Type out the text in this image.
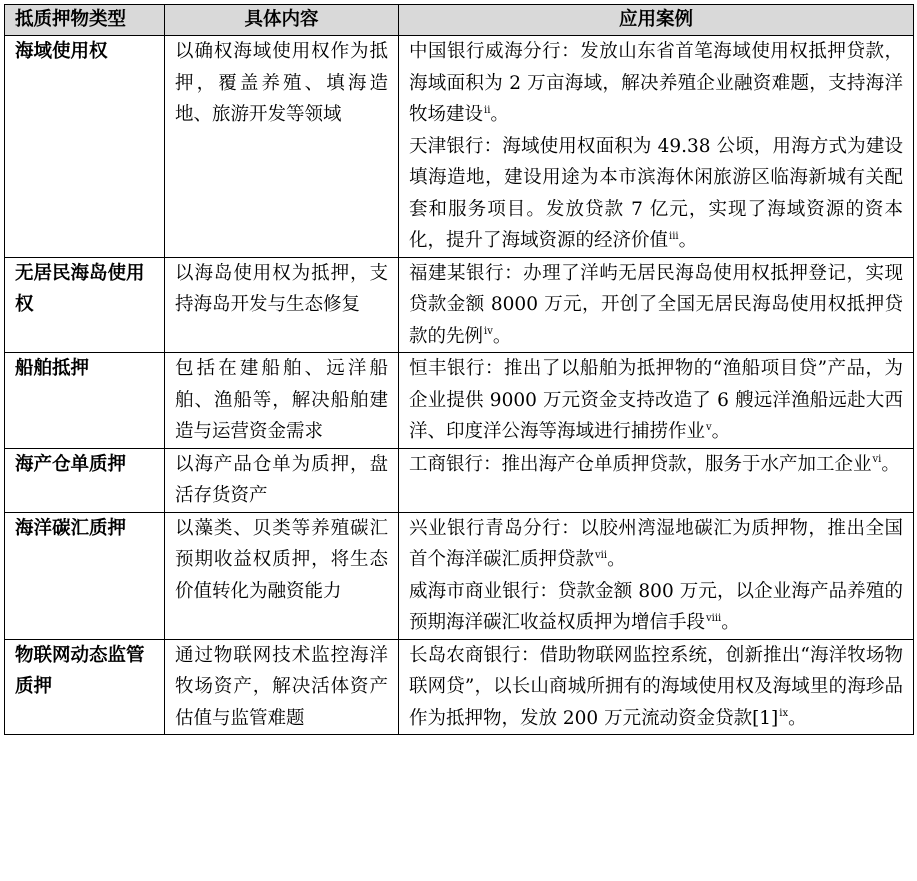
抵质押物类型	具体内容	应用案例
海域使用权	以确权海域使用权作为抵押，覆盖养殖、填海造地、旅游开发等领域	中国银行威海分行：发放山东省首笔海域使用权抵押贷款，海域面积为 2 万亩海域，解决养殖企业融资难题，支持海洋牧场建设$^{ii}$。
天津银行：海域使用权面积为 49.38 公顷，用海方式为建设填海造地，建设用途为本市滨海休闲旅游区临海新城有关配套和服务项目。发放贷款 7 亿元，实现了海域资源的资本化，提升了海域资源的经济价值$^{iii}$。

无居民海岛使用权	以海岛使用权为抵押，支持海岛开发与生态修复	福建某银行：办理了洋屿无居民海岛使用权抵押登记，实现贷款金额 8000 万元，开创了全国无居民海岛使用权抵押贷款的先例$^{iv}$。

船舶抵押	包括在建船舶、远洋船舶、渔船等，解决船舶建造与运营资金需求	恒丰银行：推出了以船舶为抵押物的“渔船项目贷”产品，为企业提供 9000 万元资金支持改造了 6 艘远洋渔船远赴大西洋、印度洋公海等海域进行捕捞作业$^v$。

海产仓单质押	以海产品仓单为质押，盘活存货资产	工商银行：推出海产仓单质押贷款，服务于水产加工企业$^{vi}$。

海洋碳汇质押	以藻类、贝类等养殖碳汇预期收益权质押，将生态价值转化为融资能力	兴业银行青岛分行：以胶州湾湿地碳汇为质押物，推出全国首个海洋碳汇质押贷款$^{vii}$。
威海市商业银行：贷款金额 800 万元，以企业海产品养殖的预期海洋碳汇收益权质押为增信手段$^{viii}$。

物联网动态监管质押	通过物联网技术监控海洋牧场资产，解决活体资产估值与监管难题	长岛农商银行：借助物联网监控系统，创新推出“海洋牧场物联网贷”，以长山商城所拥有的海域使用权及海域里的海珍品作为抵押物，发放 200 万元流动资金贷款[1]$^{ix}$。
